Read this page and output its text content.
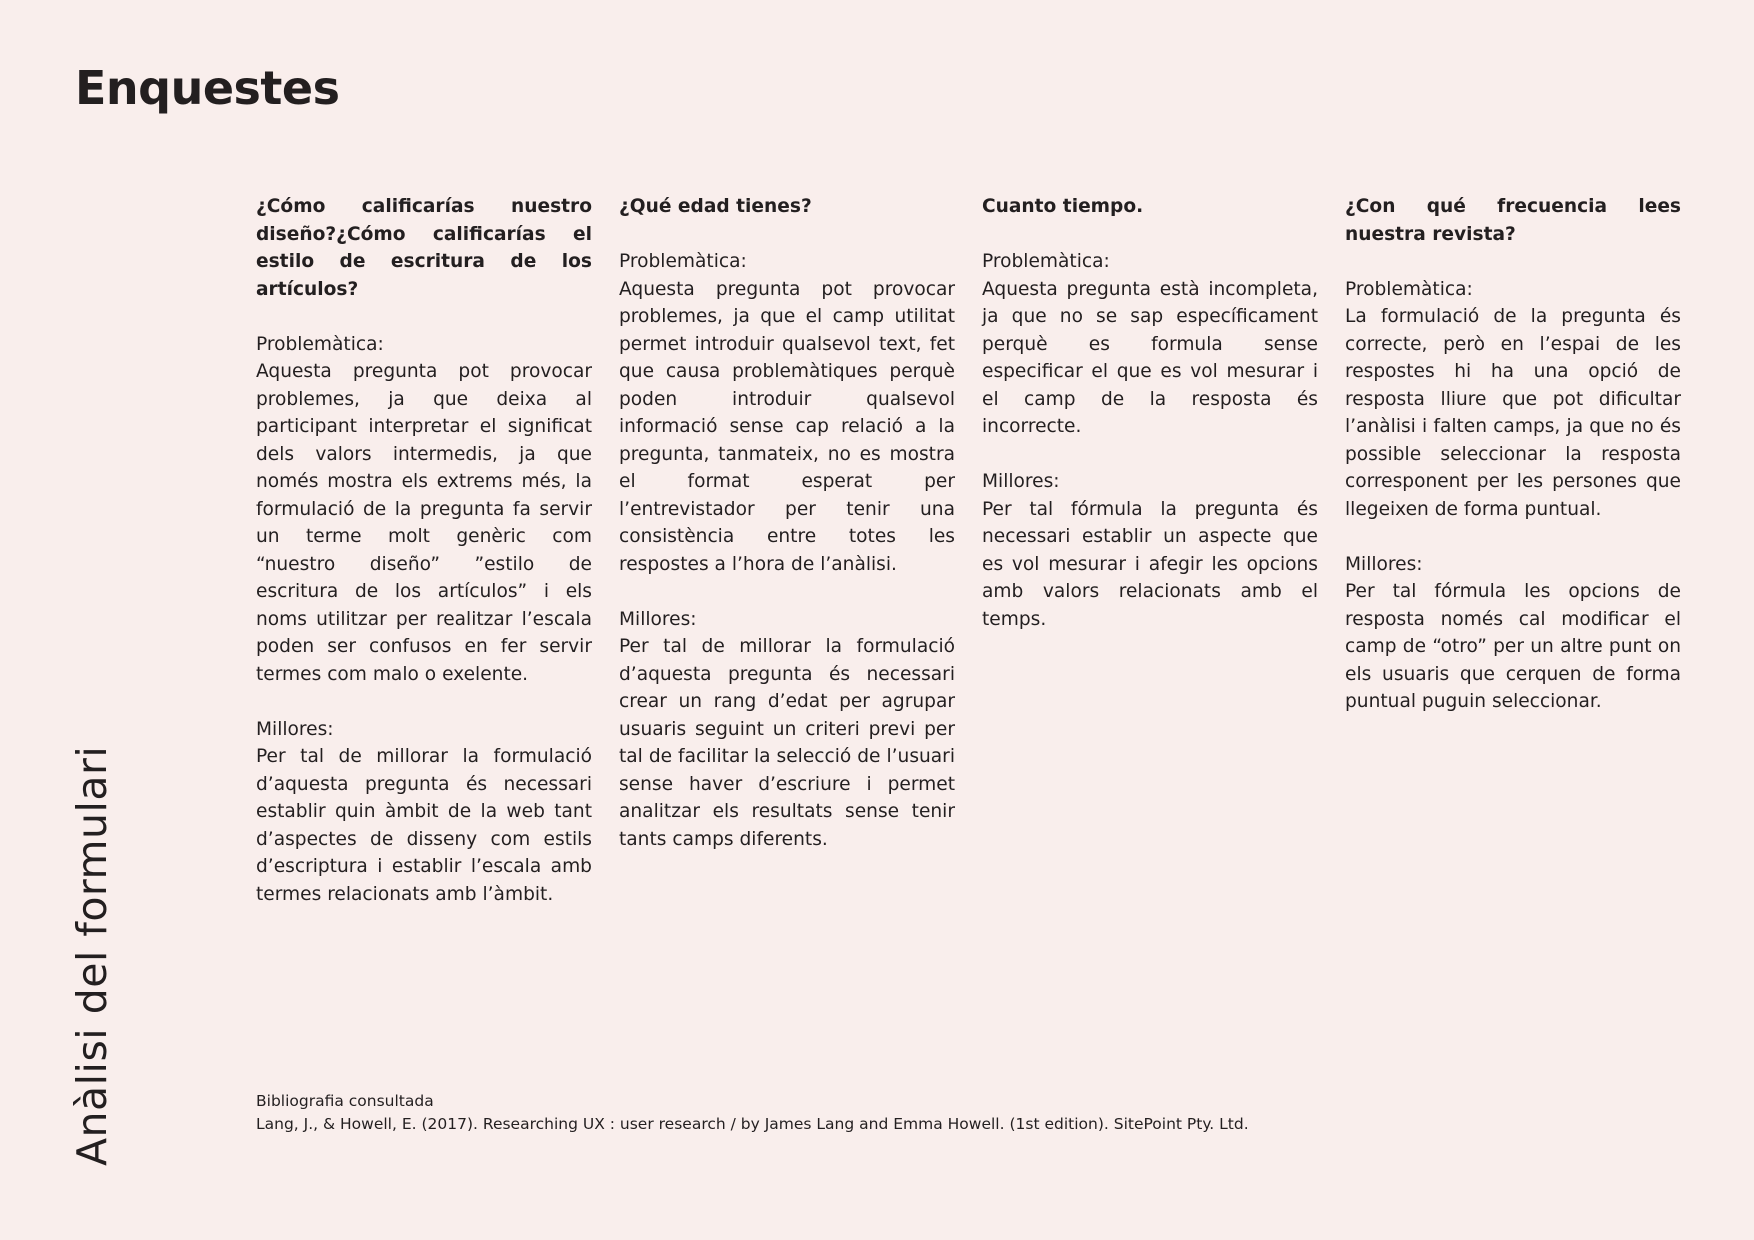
Enquestes
Anàlisi del formulari
¿Cómo calificarías nuestro diseño?¿Cómo calificarías el estilo de escritura de los artículos?
Problemàtica:
Aquesta pregunta pot provocar problemes, ja que deixa al participant interpretar el significat dels valors intermedis, ja que només mostra els extrems més, la formulació de la pregunta fa servir un terme molt genèric com “nuestro diseño” ”estilo de escritura de los artículos” i els noms utilitzar per realitzar l’escala poden ser confusos en fer servir termes com malo o exelente.
Millores:
Per tal de millorar la formulació d’aquesta pregunta és necessari establir quin àmbit de la web tant d’aspectes de disseny com estils d’escriptura i establir l’escala amb termes relacionats amb l’àmbit.
¿Qué edad tienes?
Problemàtica:
Aquesta pregunta pot provocar problemes, ja que el camp utilitat permet introduir qualsevol text, fet que causa problemàtiques perquè poden introduir qualsevol informació sense cap relació a la pregunta, tanmateix, no es mostra el format esperat per l’entrevistador per tenir una consistència entre totes les respostes a l’hora de l’anàlisi.
Millores:
Per tal de millorar la formulació d’aquesta pregunta és necessari crear un rang d’edat per agrupar usuaris seguint un criteri previ per tal de facilitar la selecció de l’usuari sense haver d’escriure i permet analitzar els resultats sense tenir tants camps diferents.
Cuanto tiempo.
Problemàtica:
Aquesta pregunta està incompleta, ja que no se sap específicament perquè es formula sense especificar el que es vol mesurar i el camp de la resposta és incorrecte.
Millores:
Per tal fórmula la pregunta és necessari establir un aspecte que es vol mesurar i afegir les opcions amb valors relacionats amb el temps.
¿Con qué frecuencia lees nuestra revista?
Problemàtica:
La formulació de la pregunta és correcte, però en l’espai de les respostes hi ha una opció de resposta lliure que pot dificultar l’anàlisi i falten camps, ja que no és possible seleccionar la resposta corresponent per les persones que llegeixen de forma puntual.
Millores:
Per tal fórmula les opcions de resposta només cal modificar el camp de “otro” per un altre punt on els usuaris que cerquen de forma puntual puguin seleccionar.
Bibliografia consultada
Lang, J., & Howell, E. (2017). Researching UX : user research / by James Lang and Emma Howell. (1st edition). SitePoint Pty. Ltd.
